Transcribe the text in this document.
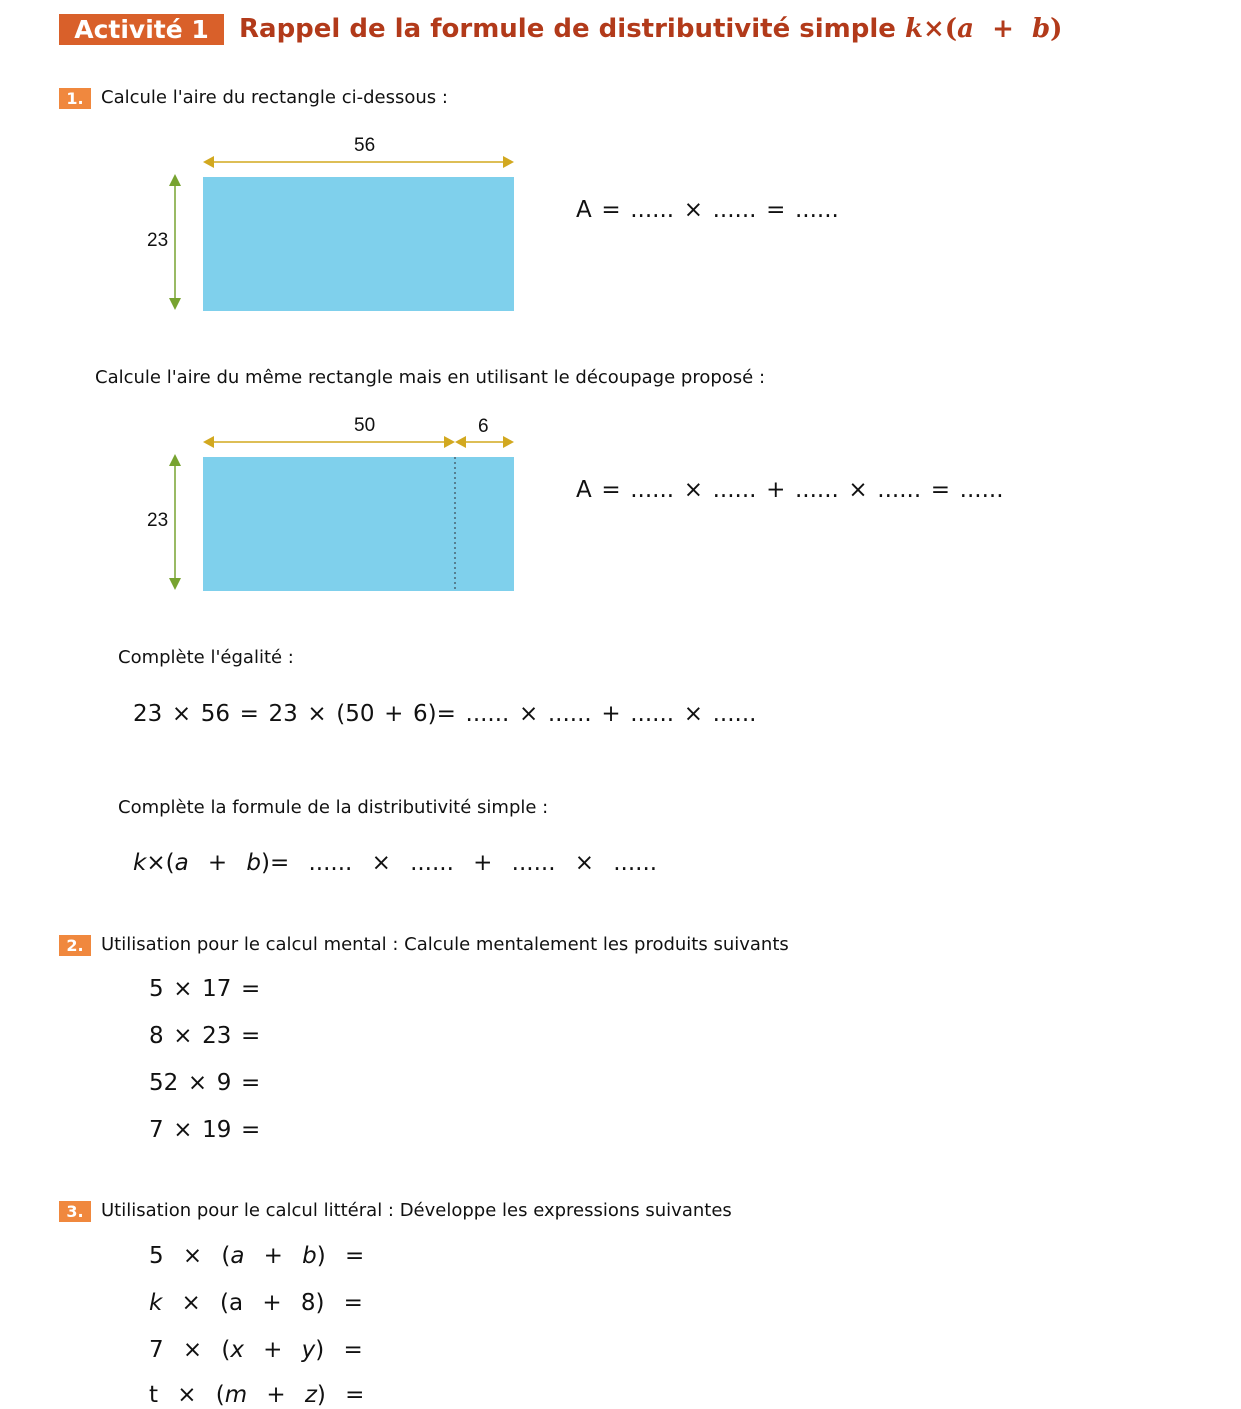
Activité 1	Rappel de la formule de distributivité simple k×(a + b)
1. Calcule l'aire du rectangle ci-dessous :
56
23
A = ...... × ...... = ......
Calcule l'aire du même rectangle mais en utilisant le découpage proposé :
50	6
23
A = ...... × ...... + ...... × ...... = ......
Complète l'égalité :
23 × 56 = 23 × (50 + 6)= ...... × ...... + ...... × ......
Complète la formule de la distributivité simple :
k×(a  +  b)=  ......  ×  ......  +  ......  ×  ......
2. Utilisation pour le calcul mental : Calcule mentalement les produits suivants
5 × 17 =
8 × 23 =
52 × 9 =
7 × 19 =
3. Utilisation pour le calcul littéral : Développe les expressions suivantes
5  ×  (a  +  b)  =
k  ×  (a  +  8)  =
7  ×  (x  +  y)  =
t  ×  (m  +  z)  =
